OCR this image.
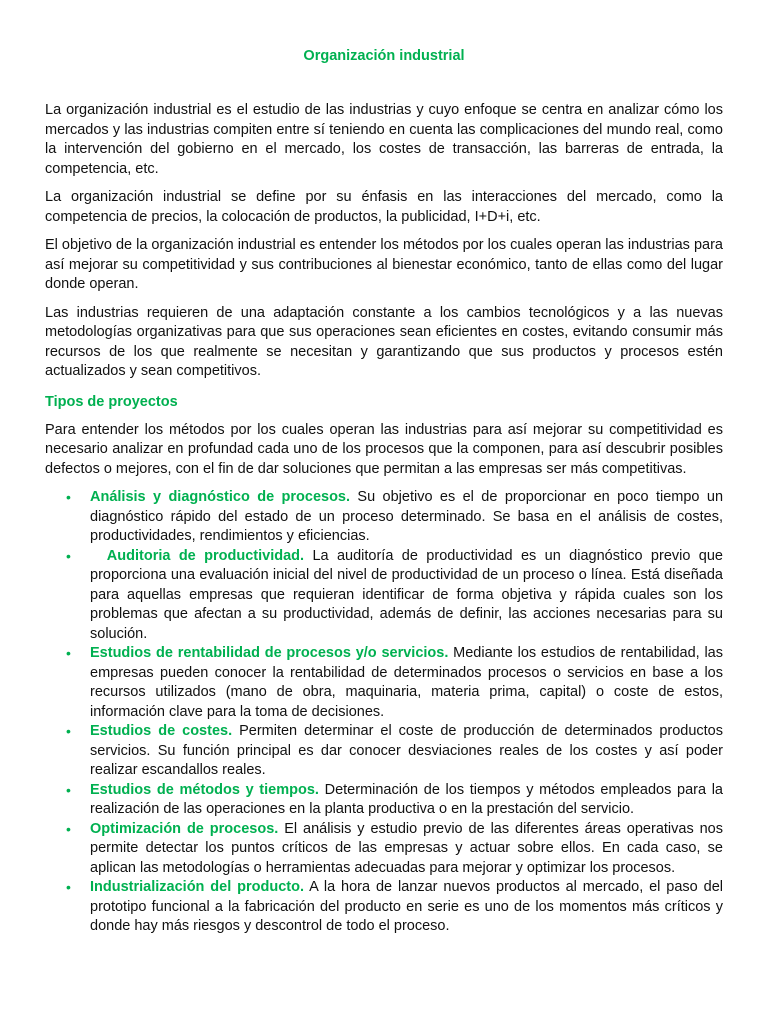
Organización industrial

La organización industrial es el estudio de las industrias y cuyo enfoque se centra en analizar cómo los mercados y las industrias compiten entre sí teniendo en cuenta las complicaciones del mundo real, como la intervención del gobierno en el mercado, los costes de transacción, las barreras de entrada, la competencia, etc.

La organización industrial se define por su énfasis en las interacciones del mercado, como la competencia de precios, la colocación de productos, la publicidad, I+D+i, etc.

El objetivo de la organización industrial es entender los métodos por los cuales operan las industrias para así mejorar su competitividad y sus contribuciones al bienestar económico, tanto de ellas como del lugar donde operan.

Las industrias requieren de una adaptación constante a los cambios tecnológicos y a las nuevas metodologías organizativas para que sus operaciones sean eficientes en costes, evitando consumir más recursos de los que realmente se necesitan y garantizando que sus productos y procesos estén actualizados y sean competitivos.

Tipos de proyectos

Para entender los métodos por los cuales operan las industrias para así mejorar su competitividad es necesario analizar en profundad cada uno de los procesos que la componen, para así descubrir posibles defectos o mejores, con el fin de dar soluciones que permitan a las empresas ser más competitivas.

• Análisis y diagnóstico de procesos. Su objetivo es el de proporcionar en poco tiempo un diagnóstico rápido del estado de un proceso determinado. Se basa en el análisis de costes, productividades, rendimientos y eficiencias.
• Auditoria de productividad. La auditoría de productividad es un diagnóstico previo que proporciona una evaluación inicial del nivel de productividad de un proceso o línea. Está diseñada para aquellas empresas que requieran identificar de forma objetiva y rápida cuales son los problemas que afectan a su productividad, además de definir, las acciones necesarias para su solución.
• Estudios de rentabilidad de procesos y/o servicios. Mediante los estudios de rentabilidad, las empresas pueden conocer la rentabilidad de determinados procesos o servicios en base a los recursos utilizados (mano de obra, maquinaria, materia prima, capital) o coste de estos, información clave para la toma de decisiones.
• Estudios de costes. Permiten determinar el coste de producción de determinados productos servicios. Su función principal es dar conocer desviaciones reales de los costes y así poder realizar escandallos reales.
• Estudios de métodos y tiempos. Determinación de los tiempos y métodos empleados para la realización de las operaciones en la planta productiva o en la prestación del servicio.
• Optimización de procesos. El análisis y estudio previo de las diferentes áreas operativas nos permite detectar los puntos críticos de las empresas y actuar sobre ellos. En cada caso, se aplican las metodologías o herramientas adecuadas para mejorar y optimizar los procesos.
• Industrialización del producto. A la hora de lanzar nuevos productos al mercado, el paso del prototipo funcional a la fabricación del producto en serie es uno de los momentos más críticos y donde hay más riesgos y descontrol de todo el proceso.
